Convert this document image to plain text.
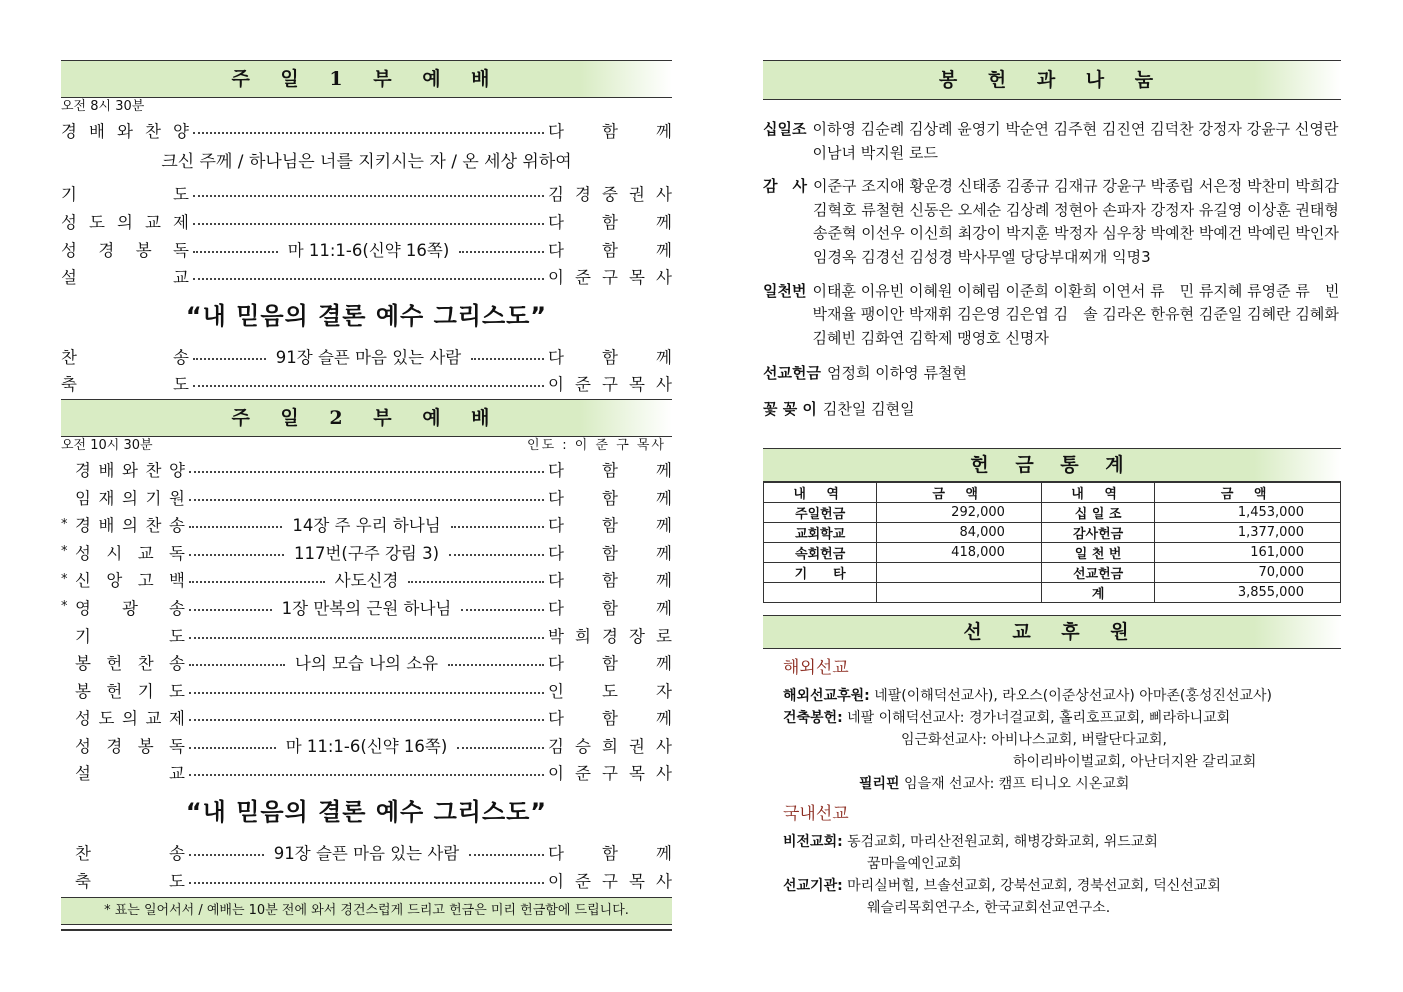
주 일 1 부 예 배
오전 8시 30분
경 배 와 찬 양	다 함 께
크신 주께 / 하나님은 너를 지키시는 자 / 온 세상 위하여
기	도	김 경 중 권 사
성 도 의 교 제	다 함 께
성 경 봉 독	마 11:1-6(신약 16쪽)	다 함 께
설	교	이 준 구 목 사
“내 믿음의 결론 예수 그리스도”
찬	송	91장 슬픈 마음 있는 사람	다 함 께
축	도	이 준 구 목 사
주 일 2 부 예 배
오전 10시 30분	인도 : 이 준 구 목사
경 배 와 찬 양	다 함 께
임 재 의 기 원	다 함 께
* 경 배 의 찬 송	14장 주 우리 하나님	다 함 께
* 성 시 교 독	117번(구주 강림 3)	다 함 께
* 신 앙 고 백	사도신경	다 함 께
* 영 광 송	1장 만복의 근원 하나님	다 함 께
기	도	박 희 경 장 로
봉 헌 찬 송	나의 모습 나의 소유	다 함 께
봉 헌 기 도	인 도 자
성 도 의 교 제	다 함 께
성 경 봉 독	마 11:1-6(신약 16쪽)	김 승 희 권 사
설	교	이 준 구 목 사
“내 믿음의 결론 예수 그리스도”
찬	송	91장 슬픈 마음 있는 사람	다 함 께
축	도	이 준 구 목 사
* 표는 일어서서 / 예배는 10분 전에 와서 경건스럽게 드리고 헌금은 미리 헌금함에 드립니다.
봉 헌 과 나 눔
십일조 이하영 김순례 김상례 윤영기 박순연 김주현 김진연 김덕찬 강정자 강윤구 신영란 이남녀 박지원 로드
감　사 이준구 조지애 황운경 신태종 김종규 김재규 강윤구 박종립 서은정 박찬미 박희감 김혁호 류철현 신동은 오세순 김상례 정현아 손파자 강정자 유길영 이상훈 권태형 송준혁 이선우 이신희 최강이 박지훈 박정자 심우창 박예찬 박예건 박예린 박인자 임경옥 김경선 김성경 박사무엘 당당부대찌개 익명3
일천번 이태훈 이유빈 이혜원 이혜림 이준희 이환희 이연서 류　민 류지혜 류영준 류　빈 박재율 팽이안 박재휘 김은영 김은엽 김　솔 김라온 한유현 김준일 김혜란 김혜화 김혜빈 김화연 김학제 맹영호 신명자
선교헌금 엄정희 이하영 류철현
꽃 꽂 이 김찬일 김현일
헌 금 통 계
내 역	금 액	내 역	금 액
주일헌금	292,000	십 일 조	1,453,000
교회학교	84,000	감사헌금	1,377,000
속회헌금	418,000	일 천 번	161,000
기　　타		선교헌금	70,000
		계	3,855,000
선 교 후 원
해외선교
해외선교후원: 네팔(이해덕선교사), 라오스(이준상선교사) 아마존(홍성진선교사)
건축봉헌: 네팔 이해덕선교사: 경가너걸교회, 홀리호프교회, 삐라하니교회
임근화선교사: 아비나스교회, 버랄단다교회,
하이리바이벌교회, 아난더지완 갈리교회
필리핀 임을재 선교사: 캠프 티니오 시온교회
국내선교
비전교회: 동검교회, 마리산전원교회, 해병강화교회, 위드교회
꿈마을예인교회
선교기관: 마리실버힐, 브솔선교회, 강북선교회, 경북선교회, 덕신선교회
웨슬리목회연구소, 한국교회선교연구소.
